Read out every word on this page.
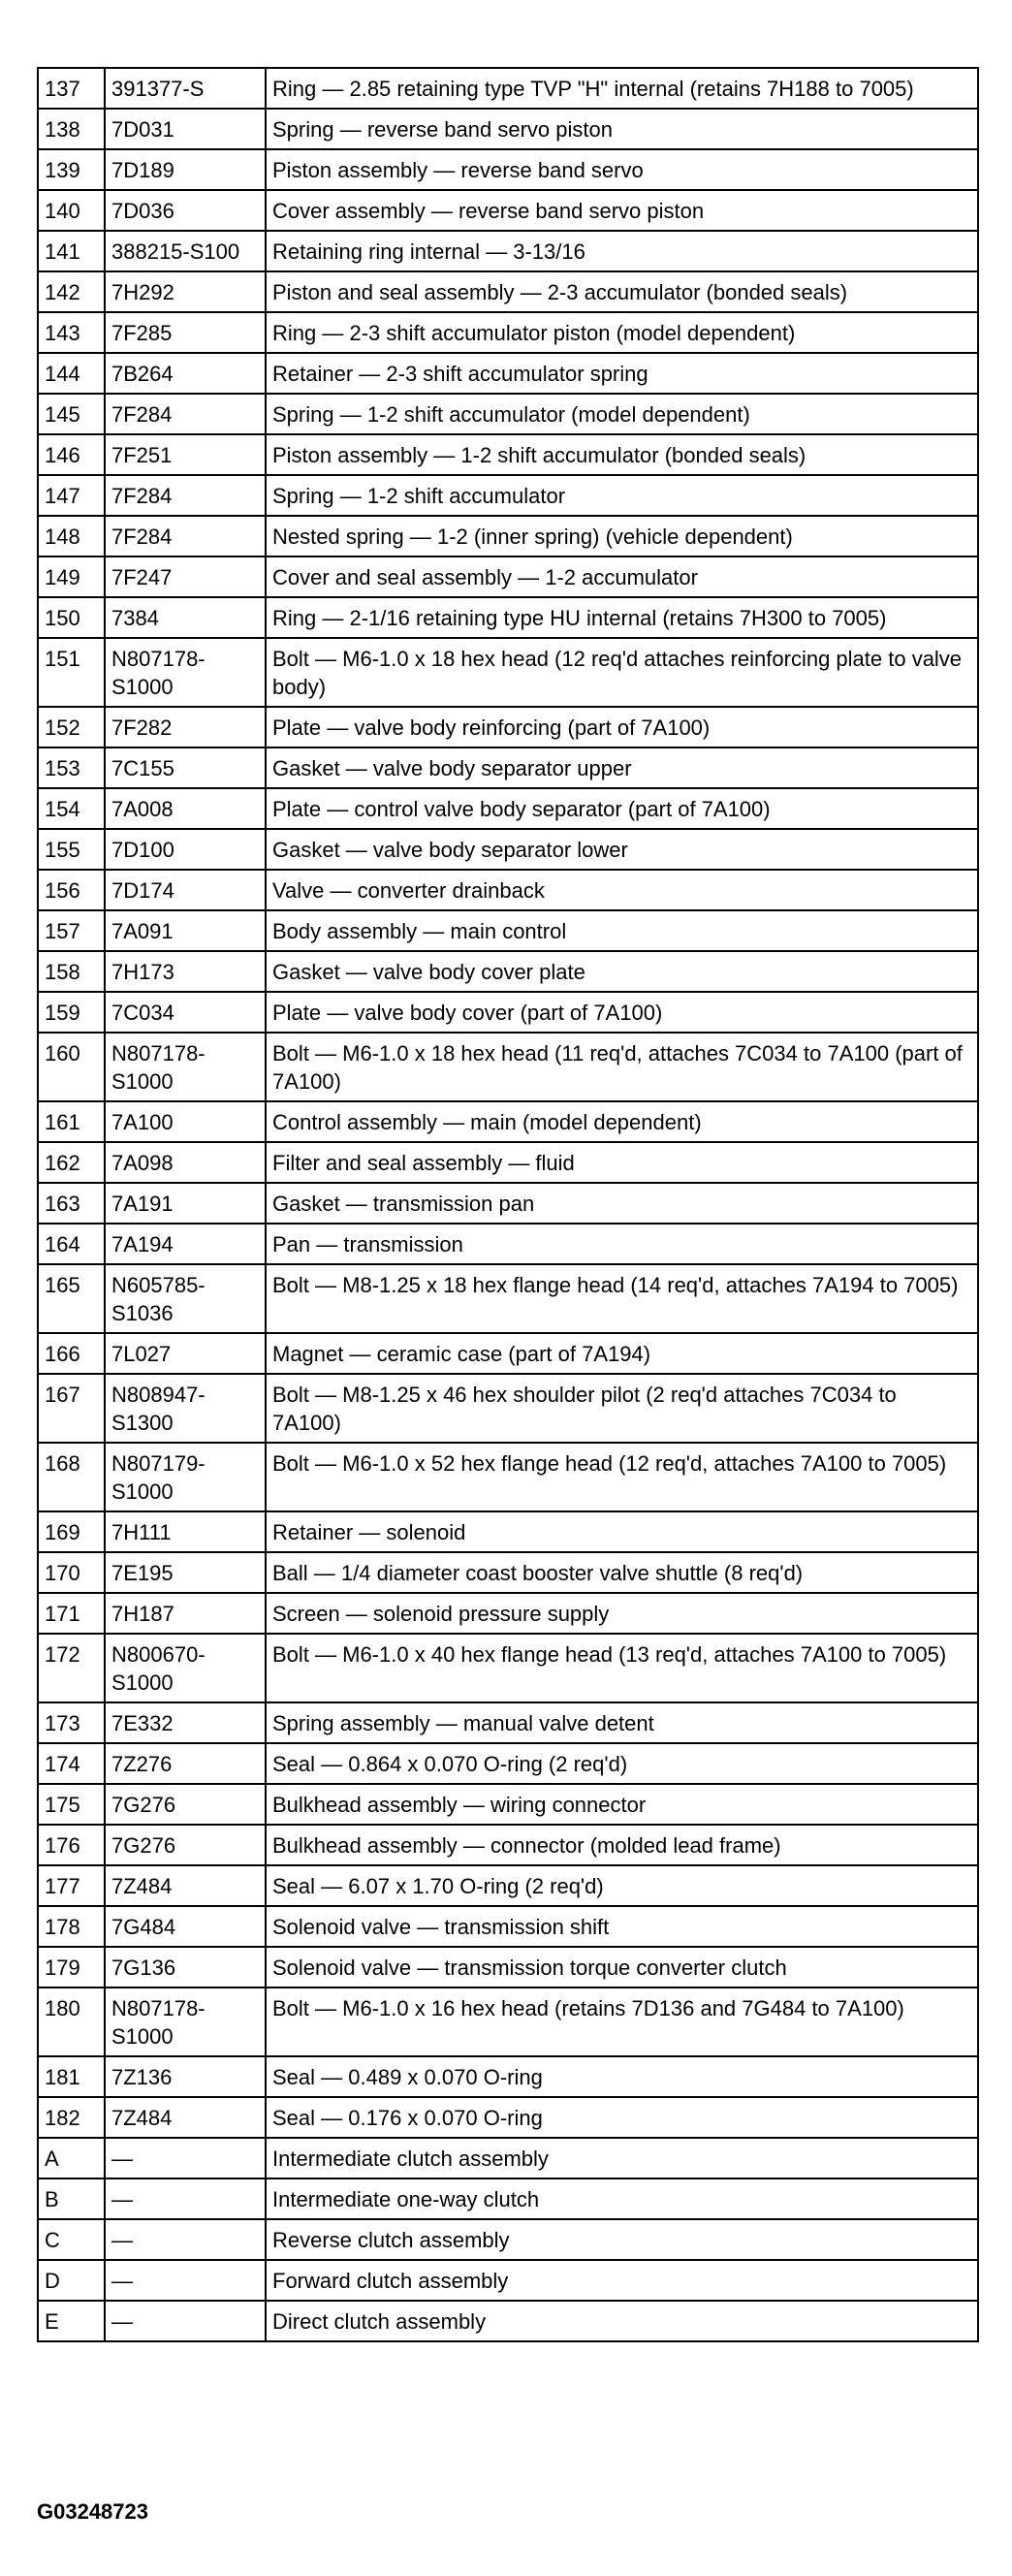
137	391377-S	Ring — 2.85 retaining type TVP "H" internal (retains 7H188 to 7005)
138	7D031	Spring — reverse band servo piston
139	7D189	Piston assembly — reverse band servo
140	7D036	Cover assembly — reverse band servo piston
141	388215-S100	Retaining ring internal — 3-13/16
142	7H292	Piston and seal assembly — 2-3 accumulator (bonded seals)
143	7F285	Ring — 2-3 shift accumulator piston (model dependent)
144	7B264	Retainer — 2-3 shift accumulator spring
145	7F284	Spring — 1-2 shift accumulator (model dependent)
146	7F251	Piston assembly — 1-2 shift accumulator (bonded seals)
147	7F284	Spring — 1-2 shift accumulator
148	7F284	Nested spring — 1-2 (inner spring) (vehicle dependent)
149	7F247	Cover and seal assembly — 1-2 accumulator
150	7384	Ring — 2-1/16 retaining type HU internal (retains 7H300 to 7005)
151	N807178-S1000	Bolt — M6-1.0 x 18 hex head (12 req'd attaches reinforcing plate to valve body)
152	7F282	Plate — valve body reinforcing (part of 7A100)
153	7C155	Gasket — valve body separator upper
154	7A008	Plate — control valve body separator (part of 7A100)
155	7D100	Gasket — valve body separator lower
156	7D174	Valve — converter drainback
157	7A091	Body assembly — main control
158	7H173	Gasket — valve body cover plate
159	7C034	Plate — valve body cover (part of 7A100)
160	N807178-S1000	Bolt — M6-1.0 x 18 hex head (11 req'd, attaches 7C034 to 7A100 (part of 7A100)
161	7A100	Control assembly — main (model dependent)
162	7A098	Filter and seal assembly — fluid
163	7A191	Gasket — transmission pan
164	7A194	Pan — transmission
165	N605785-S1036	Bolt — M8-1.25 x 18 hex flange head (14 req'd, attaches 7A194 to 7005)
166	7L027	Magnet — ceramic case (part of 7A194)
167	N808947-S1300	Bolt — M8-1.25 x 46 hex shoulder pilot (2 req'd attaches 7C034 to 7A100)
168	N807179-S1000	Bolt — M6-1.0 x 52 hex flange head (12 req'd, attaches 7A100 to 7005)
169	7H111	Retainer — solenoid
170	7E195	Ball — 1/4 diameter coast booster valve shuttle (8 req'd)
171	7H187	Screen — solenoid pressure supply
172	N800670-S1000	Bolt — M6-1.0 x 40 hex flange head (13 req'd, attaches 7A100 to 7005)
173	7E332	Spring assembly — manual valve detent
174	7Z276	Seal — 0.864 x 0.070 O-ring (2 req'd)
175	7G276	Bulkhead assembly — wiring connector
176	7G276	Bulkhead assembly — connector (molded lead frame)
177	7Z484	Seal — 6.07 x 1.70 O-ring (2 req'd)
178	7G484	Solenoid valve — transmission shift
179	7G136	Solenoid valve — transmission torque converter clutch
180	N807178-S1000	Bolt — M6-1.0 x 16 hex head (retains 7D136 and 7G484 to 7A100)
181	7Z136	Seal — 0.489 x 0.070 O-ring
182	7Z484	Seal — 0.176 x 0.070 O-ring
A	—	Intermediate clutch assembly
B	—	Intermediate one-way clutch
C	—	Reverse clutch assembly
D	—	Forward clutch assembly
E	—	Direct clutch assembly
G03248723
